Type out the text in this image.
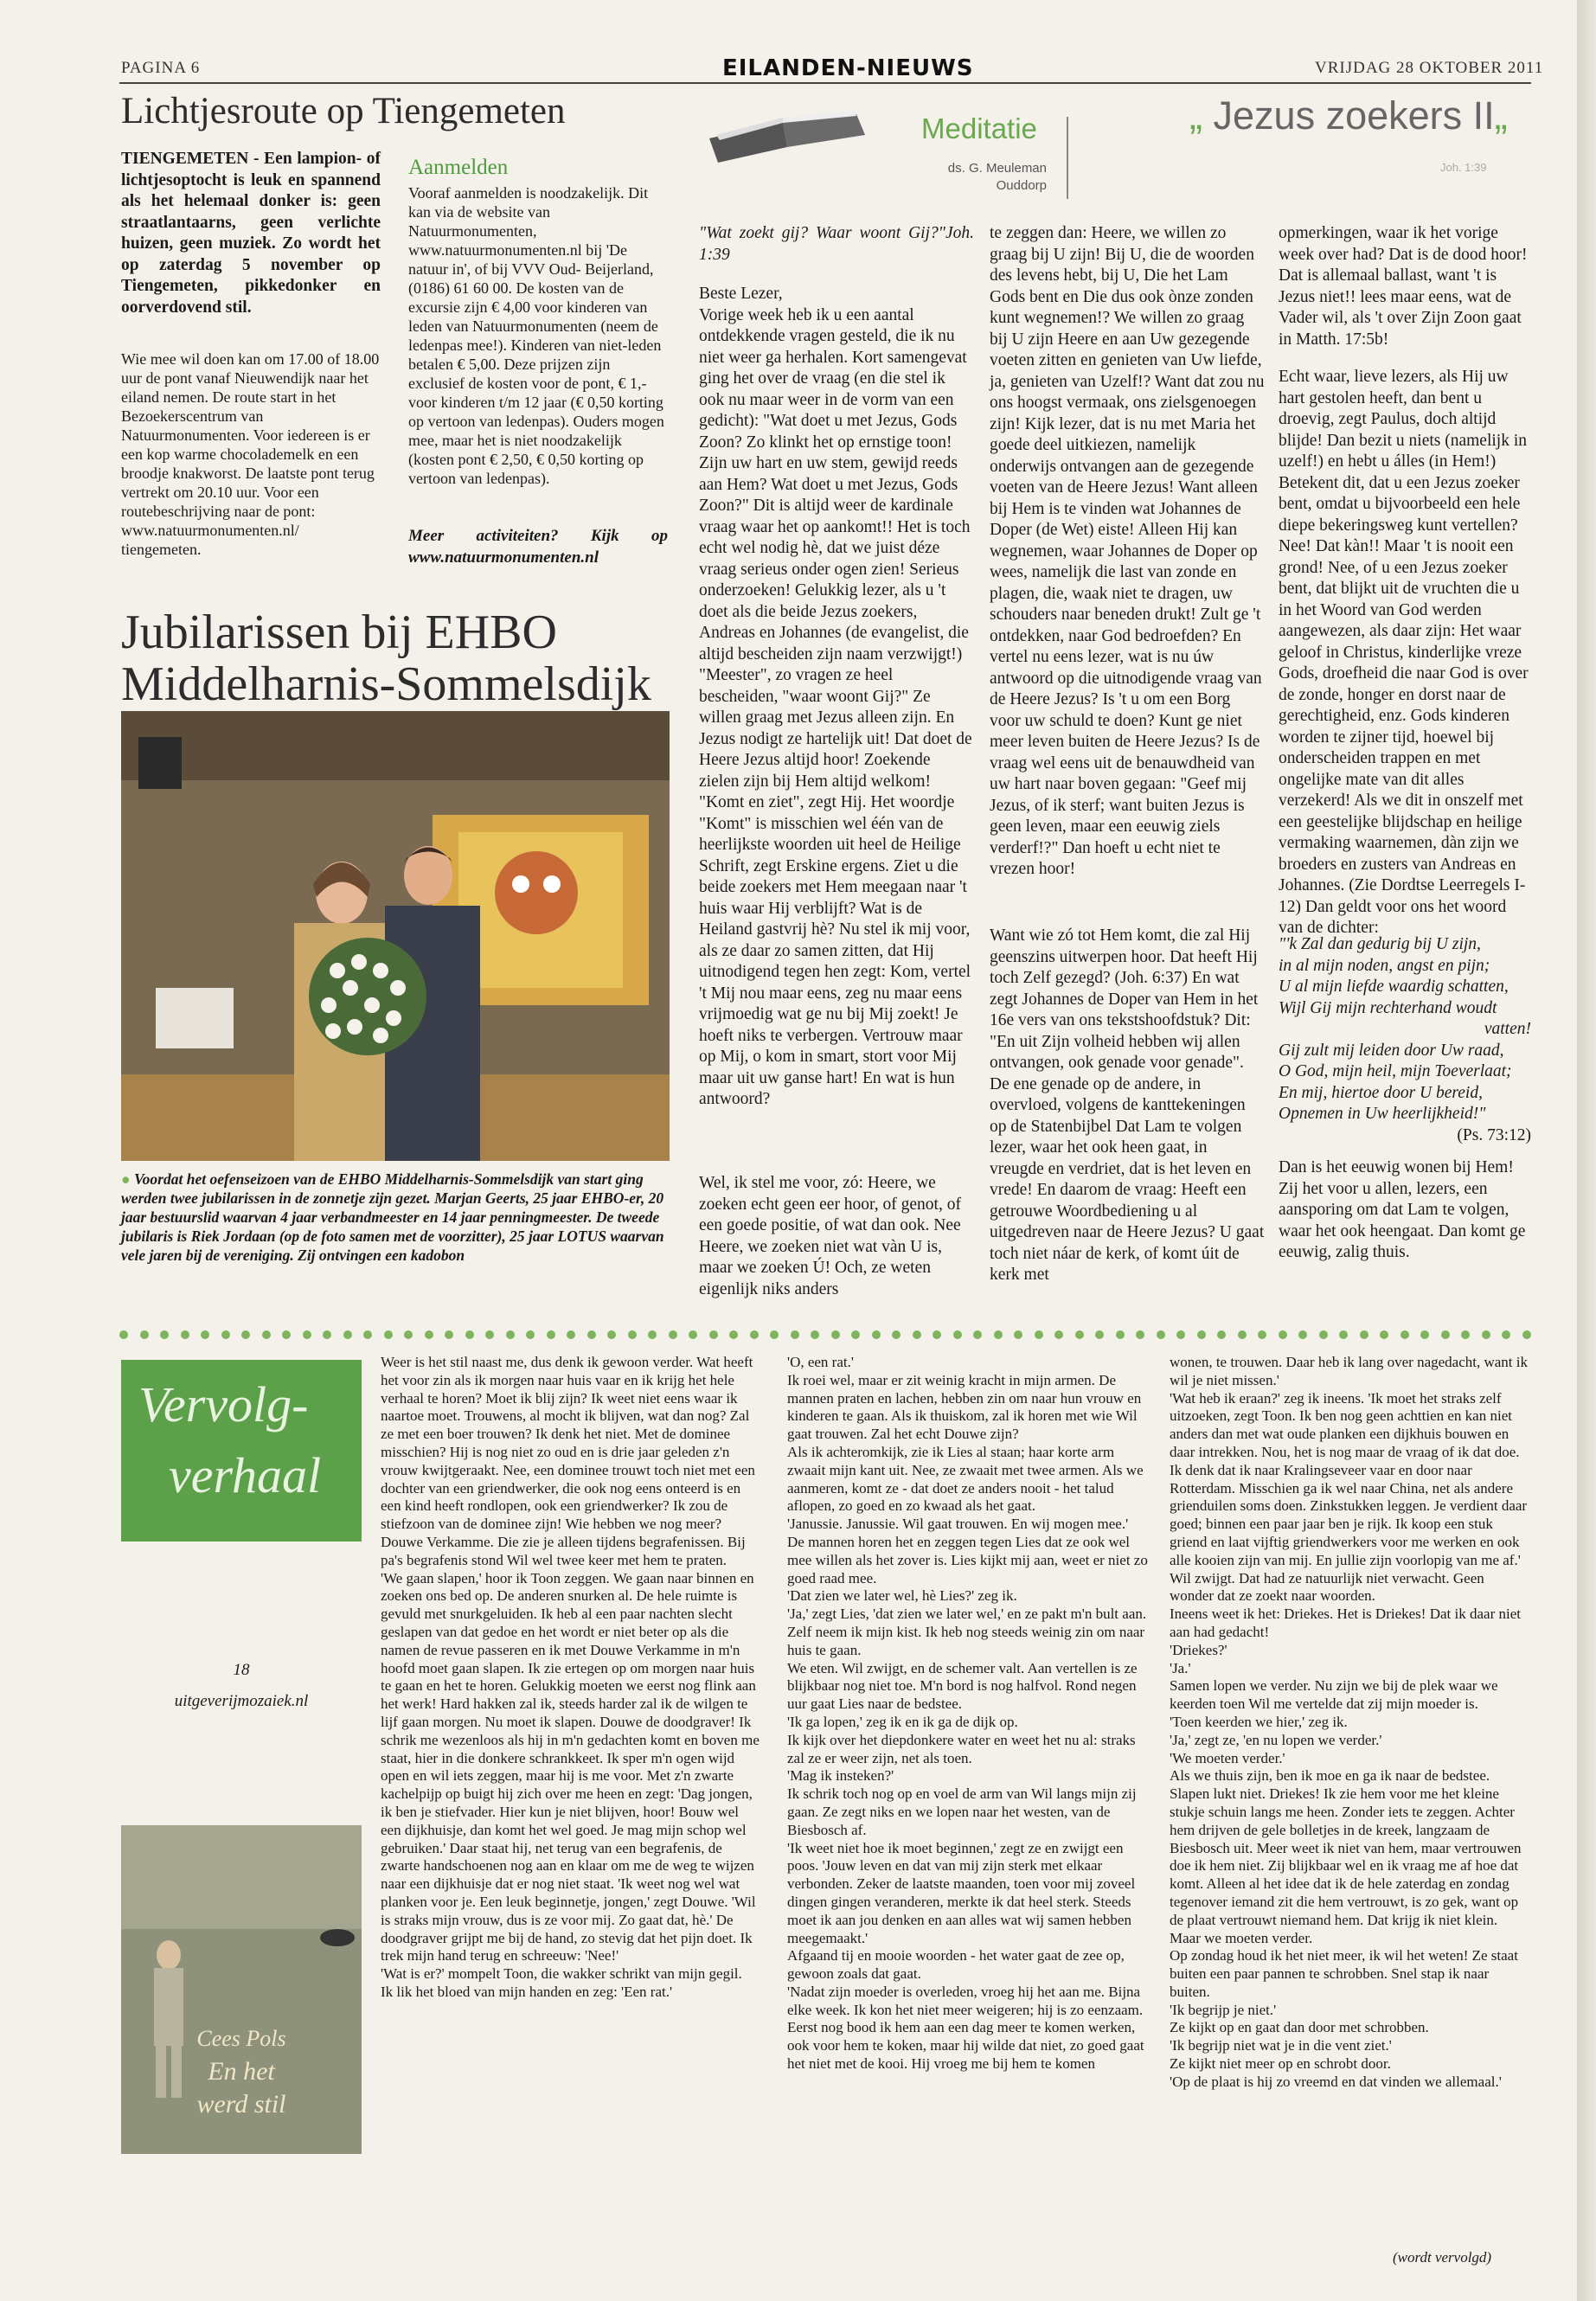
PAGINA 6	EILANDEN-NIEUWS	VRIJDAG 28 OKTOBER 2011
Lichtjesroute op Tiengemeten
TIENGEMETEN - Een lampion- of lichtjesoptocht is leuk en spannend als het helemaal donker is: geen straatlantaarns, geen verlichte huizen, geen muziek. Zo wordt het op zaterdag 5 november op Tiengemeten, pikkedonker en oorverdovend stil.
Wie mee wil doen kan om 17.00 of 18.00 uur de pont vanaf Nieuwendijk naar het eiland nemen. De route start in het Bezoekerscentrum van Natuurmonumenten. Voor iedereen is er een kop warme chocolademelk en een broodje knakworst. De laatste pont terug vertrekt om 20.10 uur. Voor een routebeschrijving naar de pont: www.natuurmonumenten.nl/ tiengemeten.
Aanmelden
Vooraf aanmelden is noodzakelijk. Dit kan via de website van Natuurmonumenten, www.natuurmonumenten.nl bij 'De natuur in', of bij VVV Oud- Beijerland, (0186) 61 60 00. De kosten van de excursie zijn € 4,00 voor kinderen van leden van Natuurmonumenten (neem de ledenpas mee!). Kinderen van niet-leden betalen € 5,00. Deze prijzen zijn exclusief de kosten voor de pont, € 1,- voor kinderen t/m 12 jaar (€ 0,50 korting op vertoon van ledenpas). Ouders mogen mee, maar het is niet noodzakelijk (kosten pont € 2,50, € 0,50 korting op vertoon van ledenpas).
Meer activiteiten? Kijk op www.natuurmonumenten.nl
Jubilarissen bij EHBO
Middelharnis-Sommelsdijk
● Voordat het oefenseizoen van de EHBO Middelharnis-Sommelsdijk van start ging werden twee jubilarissen in de zonnetje zijn gezet. Marjan Geerts, 25 jaar EHBO-er, 20 jaar bestuurslid waarvan 4 jaar verbandmeester en 14 jaar penningmeester. De tweede jubilaris is Riek Jordaan (op de foto samen met de voorzitter), 25 jaar LOTUS waarvan vele jaren bij de vereniging. Zij ontvingen een kadobon
Meditatie
ds. G. Meuleman
Ouddorp
„ Jezus zoekers II„
Joh. 1:39
"Wat zoekt gij? Waar woont Gij?"Joh. 1:39
Beste Lezer,
Vorige week heb ik u een aantal ontdekkende vragen gesteld, die ik nu niet weer ga herhalen. Kort samengevat ging het over de vraag (en die stel ik ook nu maar weer in de vorm van een gedicht): "Wat doet u met Jezus, Gods Zoon? Zo klinkt het op ernstige toon! Zijn uw hart en uw stem, gewijd reeds aan Hem? Wat doet u met Jezus, Gods Zoon?" Dit is altijd weer de kardinale vraag waar het op aankomt!! Het is toch echt wel nodig hè, dat we juist déze vraag serieus onder ogen zien! Serieus onderzoeken! Gelukkig lezer, als u 't doet als die beide Jezus zoekers, Andreas en Johannes (de evangelist, die altijd bescheiden zijn naam verzwijgt!) "Meester", zo vragen ze heel bescheiden, "waar woont Gij?" Ze willen graag met Jezus alleen zijn. En Jezus nodigt ze hartelijk uit! Dat doet de Heere Jezus altijd hoor! Zoekende zielen zijn bij Hem altijd welkom! "Komt en ziet", zegt Hij. Het woordje "Komt" is misschien wel één van de heerlijkste woorden uit heel de Heilige Schrift, zegt Erskine ergens. Ziet u die beide zoekers met Hem meegaan naar 't huis waar Hij verblijft? Wat is de Heiland gastvrij hè? Nu stel ik mij voor, als ze daar zo samen zitten, dat Hij uitnodigend tegen hen zegt: Kom, vertel 't Mij nou maar eens, zeg nu maar eens vrijmoedig wat ge nu bij Mij zoekt! Je hoeft niks te verbergen. Vertrouw maar op Mij, o kom in smart, stort voor Mij maar uit uw ganse hart! En wat is hun antwoord?
Wel, ik stel me voor, zó: Heere, we zoeken echt geen eer hoor, of genot, of een goede positie, of wat dan ook. Nee Heere, we zoeken niet wat vàn U is, maar we zoeken Ú! Och, ze weten eigenlijk niks anders
te zeggen dan: Heere, we willen zo graag bij U zijn! Bij U, die de woorden des levens hebt, bij U, Die het Lam Gods bent en Die dus ook ònze zonden kunt wegnemen!? We willen zo graag bij U zijn Heere en aan Uw gezegende voeten zitten en genieten van Uw liefde, ja, genieten van Uzelf!? Want dat zou nu ons hoogst vermaak, ons zielsgenoegen zijn! Kijk lezer, dat is nu met Maria het goede deel uitkiezen, namelijk onderwijs ontvangen aan de gezegende voeten van de Heere Jezus! Want alleen bij Hem is te vinden wat Johannes de Doper (de Wet) eiste! Alleen Hij kan wegnemen, waar Johannes de Doper op wees, namelijk die last van zonde en plagen, die, waak niet te dragen, uw schouders naar beneden drukt! Zult ge 't ontdekken, naar God bedroefden? En vertel nu eens lezer, wat is nu úw antwoord op die uitnodigende vraag van de Heere Jezus? Is 't u om een Borg voor uw schuld te doen? Kunt ge niet meer leven buiten de Heere Jezus? Is de vraag wel eens uit de benauwdheid van uw hart naar boven gegaan: "Geef mij Jezus, of ik sterf; want buiten Jezus is geen leven, maar een eeuwig ziels verderf!?" Dan hoeft u echt niet te vrezen hoor!
Want wie zó tot Hem komt, die zal Hij geenszins uitwerpen hoor. Dat heeft Hij toch Zelf gezegd? (Joh. 6:37) En wat zegt Johannes de Doper van Hem in het 16e vers van ons tekstshoofdstuk? Dit: "En uit Zijn volheid hebben wij allen ontvangen, ook genade voor genade". De ene genade op de andere, in overvloed, volgens de kanttekeningen op de Statenbijbel Dat Lam te volgen lezer, waar het ook heen gaat, in vreugde en verdriet, dat is het leven en vrede! En daarom de vraag: Heeft een getrouwe Woordbediening u al uitgedreven naar de Heere Jezus? U gaat toch niet náar de kerk, of komt úit de kerk met
opmerkingen, waar ik het vorige week over had? Dat is de dood hoor! Dat is allemaal ballast, want 't is Jezus niet!! lees maar eens, wat de Vader wil, als 't over Zijn Zoon gaat in Matth. 17:5b!
Echt waar, lieve lezers, als Hij uw hart gestolen heeft, dan bent u droevig, zegt Paulus, doch altijd blijde! Dan bezit u niets (namelijk in uzelf!) en hebt u álles (in Hem!) Betekent dit, dat u een Jezus zoeker bent, omdat u bijvoorbeeld een hele diepe bekeringsweg kunt vertellen? Nee! Dat kàn!! Maar 't is nooit een grond! Nee, of u een Jezus zoeker bent, dat blijkt uit de vruchten die u in het Woord van God werden aangewezen, als daar zijn: Het waar geloof in Christus, kinderlijke vreze Gods, droefheid die naar God is over de zonde, honger en dorst naar de gerechtigheid, enz. Gods kinderen worden te zijner tijd, hoewel bij onderscheiden trappen en met ongelijke mate van dit alles verzekerd! Als we dit in onszelf met een geestelijke blijdschap en heilige vermaking waarnemen, dàn zijn we broeders en zusters van Andreas en Johannes. (Zie Dordtse Leerregels I-12) Dan geldt voor ons het woord van de dichter:
"'k Zal dan gedurig bij U zijn,
in al mijn noden, angst en pijn;
U al mijn liefde waardig schatten,
Wijl Gij mijn rechterhand woudt
vatten!
Gij zult mij leiden door Uw raad,
O God, mijn heil, mijn Toeverlaat;
En mij, hiertoe door U bereid,
Opnemen in Uw heerlijkheid!"
(Ps. 73:12)
Dan is het eeuwig wonen bij Hem! Zij het voor u allen, lezers, een aansporing om dat Lam te volgen, waar het ook heengaat. Dan komt ge eeuwig, zalig thuis.
Vervolg-
verhaal
18
uitgeverijmozaiek.nl
Cees Pols
En het
werd stil
Weer is het stil naast me, dus denk ik gewoon verder. Wat heeft het voor zin als ik morgen naar huis vaar en ik krijg het hele verhaal te horen? Moet ik blij zijn? Ik weet niet eens waar ik naartoe moet. Trouwens, al mocht ik blijven, wat dan nog? Zal ze met een boer trouwen? Ik denk het niet. Met de dominee misschien? Hij is nog niet zo oud en is drie jaar geleden z'n vrouw kwijtgeraakt. Nee, een dominee trouwt toch niet met een dochter van een griendwerker, die ook nog eens onteerd is en een kind heeft rondlopen, ook een griendwerker? Ik zou de stiefzoon van de dominee zijn! Wie hebben we nog meer? Douwe Verkamme. Die zie je alleen tijdens begrafenissen. Bij pa's begrafenis stond Wil wel twee keer met hem te praten.
'We gaan slapen,' hoor ik Toon zeggen. We gaan naar binnen en zoeken ons bed op. De anderen snurken al. De hele ruimte is gevuld met snurkgeluiden. Ik heb al een paar nachten slecht geslapen van dat gedoe en het wordt er niet beter op als die namen de revue passeren en ik met Douwe Verkamme in m'n hoofd moet gaan slapen. Ik zie ertegen op om morgen naar huis te gaan en het te horen. Gelukkig moeten we eerst nog flink aan het werk! Hard hakken zal ik, steeds harder zal ik de wilgen te lijf gaan morgen. Nu moet ik slapen. Douwe de doodgraver! Ik schrik me wezenloos als hij in m'n gedachten komt en boven me staat, hier in die donkere schrankkeet. Ik sper m'n ogen wijd open en wil iets zeggen, maar hij is me voor. Met z'n zwarte kachelpijp op buigt hij zich over me heen en zegt: 'Dag jongen, ik ben je stiefvader. Hier kun je niet blijven, hoor! Bouw wel een dijkhuisje, dan komt het wel goed. Je mag mijn schop wel gebruiken.' Daar staat hij, net terug van een begrafenis, de zwarte handschoenen nog aan en klaar om me de weg te wijzen naar een dijkhuisje dat er nog niet staat. 'Ik weet nog wel wat planken voor je. Een leuk beginnetje, jongen,' zegt Douwe. 'Wil is straks mijn vrouw, dus is ze voor mij. Zo gaat dat, hè.' De doodgraver grijpt me bij de hand, zo stevig dat het pijn doet. Ik trek mijn hand terug en schreeuw: 'Nee!'
'Wat is er?' mompelt Toon, die wakker schrikt van mijn gegil.
Ik lik het bloed van mijn handen en zeg: 'Een rat.'
'O, een rat.'
Ik roei wel, maar er zit weinig kracht in mijn armen. De mannen praten en lachen, hebben zin om naar hun vrouw en kinderen te gaan. Als ik thuiskom, zal ik horen met wie Wil gaat trouwen. Zal het echt Douwe zijn?
Als ik achteromkijk, zie ik Lies al staan; haar korte arm zwaait mijn kant uit. Nee, ze zwaait met twee armen. Als we aanmeren, komt ze - dat doet ze anders nooit - het talud aflopen, zo goed en zo kwaad als het gaat.
'Janussie. Janussie. Wil gaat trouwen. En wij mogen mee.'
De mannen horen het en zeggen tegen Lies dat ze ook wel mee willen als het zover is. Lies kijkt mij aan, weet er niet zo goed raad mee.
'Dat zien we later wel, hè Lies?' zeg ik.
'Ja,' zegt Lies, 'dat zien we later wel,' en ze pakt m'n bult aan.
Zelf neem ik mijn kist. Ik heb nog steeds weinig zin om naar huis te gaan.
We eten. Wil zwijgt, en de schemer valt. Aan vertellen is ze blijkbaar nog niet toe. M'n bord is nog halfvol. Rond negen uur gaat Lies naar de bedstee.
'Ik ga lopen,' zeg ik en ik ga de dijk op.
Ik kijk over het diepdonkere water en weet het nu al: straks zal ze er weer zijn, net als toen.
'Mag ik insteken?'
Ik schrik toch nog op en voel de arm van Wil langs mijn zij gaan. Ze zegt niks en we lopen naar het westen, van de Biesbosch af.
'Ik weet niet hoe ik moet beginnen,' zegt ze en zwijgt een poos. 'Jouw leven en dat van mij zijn sterk met elkaar verbonden. Zeker de laatste maanden, toen voor mij zoveel dingen gingen veranderen, merkte ik dat heel sterk. Steeds moet ik aan jou denken en aan alles wat wij samen hebben meegemaakt.'
Afgaand tij en mooie woorden - het water gaat de zee op, gewoon zoals dat gaat.
'Nadat zijn moeder is overleden, vroeg hij het aan me. Bijna elke week. Ik kon het niet meer weigeren; hij is zo eenzaam. Eerst nog bood ik hem aan een dag meer te komen werken, ook voor hem te koken, maar hij wilde dat niet, zo goed gaat het niet met de kooi. Hij vroeg me bij hem te komen
wonen, te trouwen. Daar heb ik lang over nagedacht, want ik wil je niet missen.'
'Wat heb ik eraan?' zeg ik ineens. 'Ik moet het straks zelf uitzoeken, zegt Toon. Ik ben nog geen achttien en kan niet anders dan met wat oude planken een dijkhuis bouwen en daar intrekken. Nou, het is nog maar de vraag of ik dat doe. Ik denk dat ik naar Kralingseveer vaar en door naar Rotterdam. Misschien ga ik wel naar China, net als andere grienduilen soms doen. Zinkstukken leggen. Je verdient daar goed; binnen een paar jaar ben je rijk. Ik koop een stuk griend en laat vijftig griendwerkers voor me werken en ook alle kooien zijn van mij. En jullie zijn voorlopig van me af.'
Wil zwijgt. Dat had ze natuurlijk niet verwacht. Geen wonder dat ze zoekt naar woorden.
Ineens weet ik het: Driekes. Het is Driekes! Dat ik daar niet aan had gedacht!
'Driekes?'
'Ja.'
Samen lopen we verder. Nu zijn we bij de plek waar we keerden toen Wil me vertelde dat zij mijn moeder is.
'Toen keerden we hier,' zeg ik.
'Ja,' zegt ze, 'en nu lopen we verder.'
'We moeten verder.'
Als we thuis zijn, ben ik moe en ga ik naar de bedstee. Slapen lukt niet. Driekes! Ik zie hem voor me het kleine stukje schuin langs me heen. Zonder iets te zeggen. Achter hem drijven de gele bolletjes in de kreek, langzaam de Biesbosch uit. Meer weet ik niet van hem, maar vertrouwen doe ik hem niet. Zij blijkbaar wel en ik vraag me af hoe dat komt. Alleen al het idee dat ik de hele zaterdag en zondag tegenover iemand zit die hem vertrouwt, is zo gek, want op de plaat vertrouwt niemand hem. Dat krijg ik niet klein. Maar we moeten verder.
Op zondag houd ik het niet meer, ik wil het weten! Ze staat buiten een paar pannen te schrobben. Snel stap ik naar buiten.
'Ik begrijp je niet.'
Ze kijkt op en gaat dan door met schrobben.
'Ik begrijp niet wat je in die vent ziet.'
Ze kijkt niet meer op en schrobt door.
'Op de plaat is hij zo vreemd en dat vinden we allemaal.'
(wordt vervolgd)
